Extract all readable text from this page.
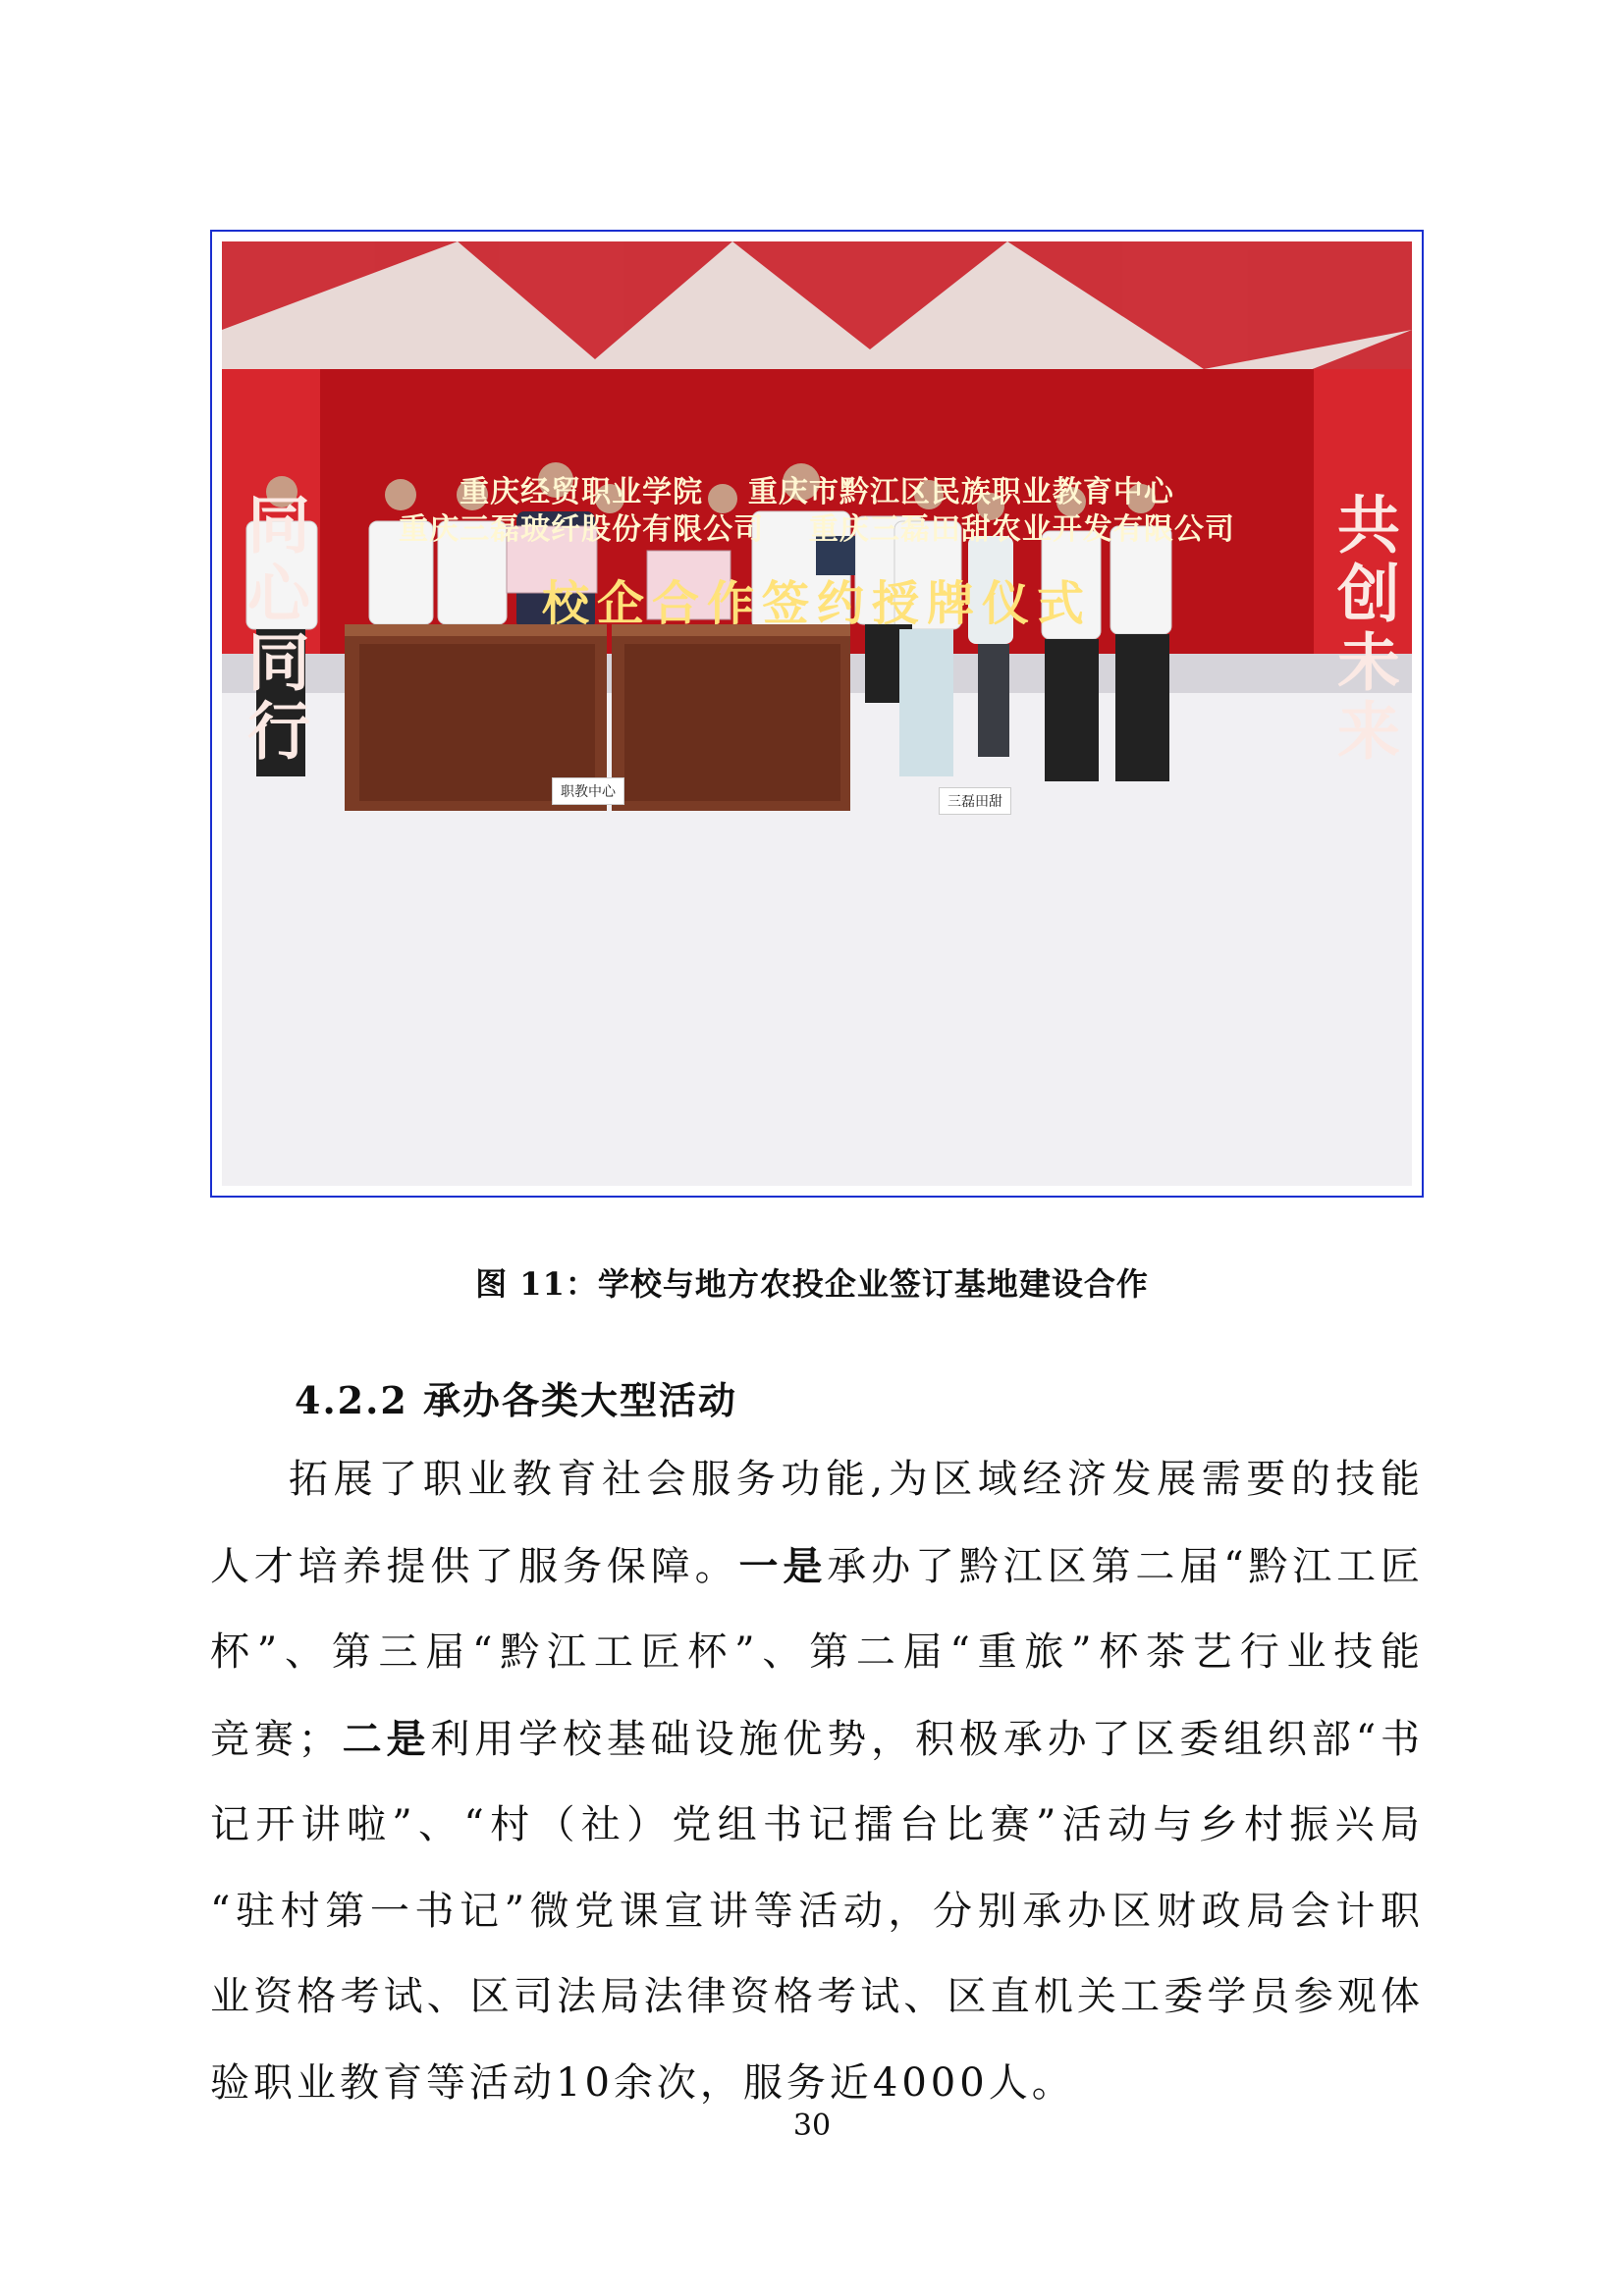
重庆经贸职业学院    重庆市黔江区民族职业教育中心
重庆三磊玻纤股份有限公司    重庆三磊田甜农业开发有限公司
校企合作签约授牌仪式
同心同行	共创未来
职教中心
三磊田甜
图 11：学校与地方农投企业签订基地建设合作
4.2.2 承办各类大型活动
拓展了职业教育社会服务功能,为区域经济发展需要的技能
人才培养提供了服务保障。一是承办了黔江区第二届“黔江工匠
杯”、第三届“黔江工匠杯”、第二届“重旅”杯茶艺行业技能
竞赛；二是利用学校基础设施优势，积极承办了区委组织部“书
记开讲啦”、“村（社）党组书记擂台比赛”活动与乡村振兴局
“驻村第一书记”微党课宣讲等活动，分别承办区财政局会计职
业资格考试、区司法局法律资格考试、区直机关工委学员参观体
验职业教育等活动10余次，服务近4000人。
30
